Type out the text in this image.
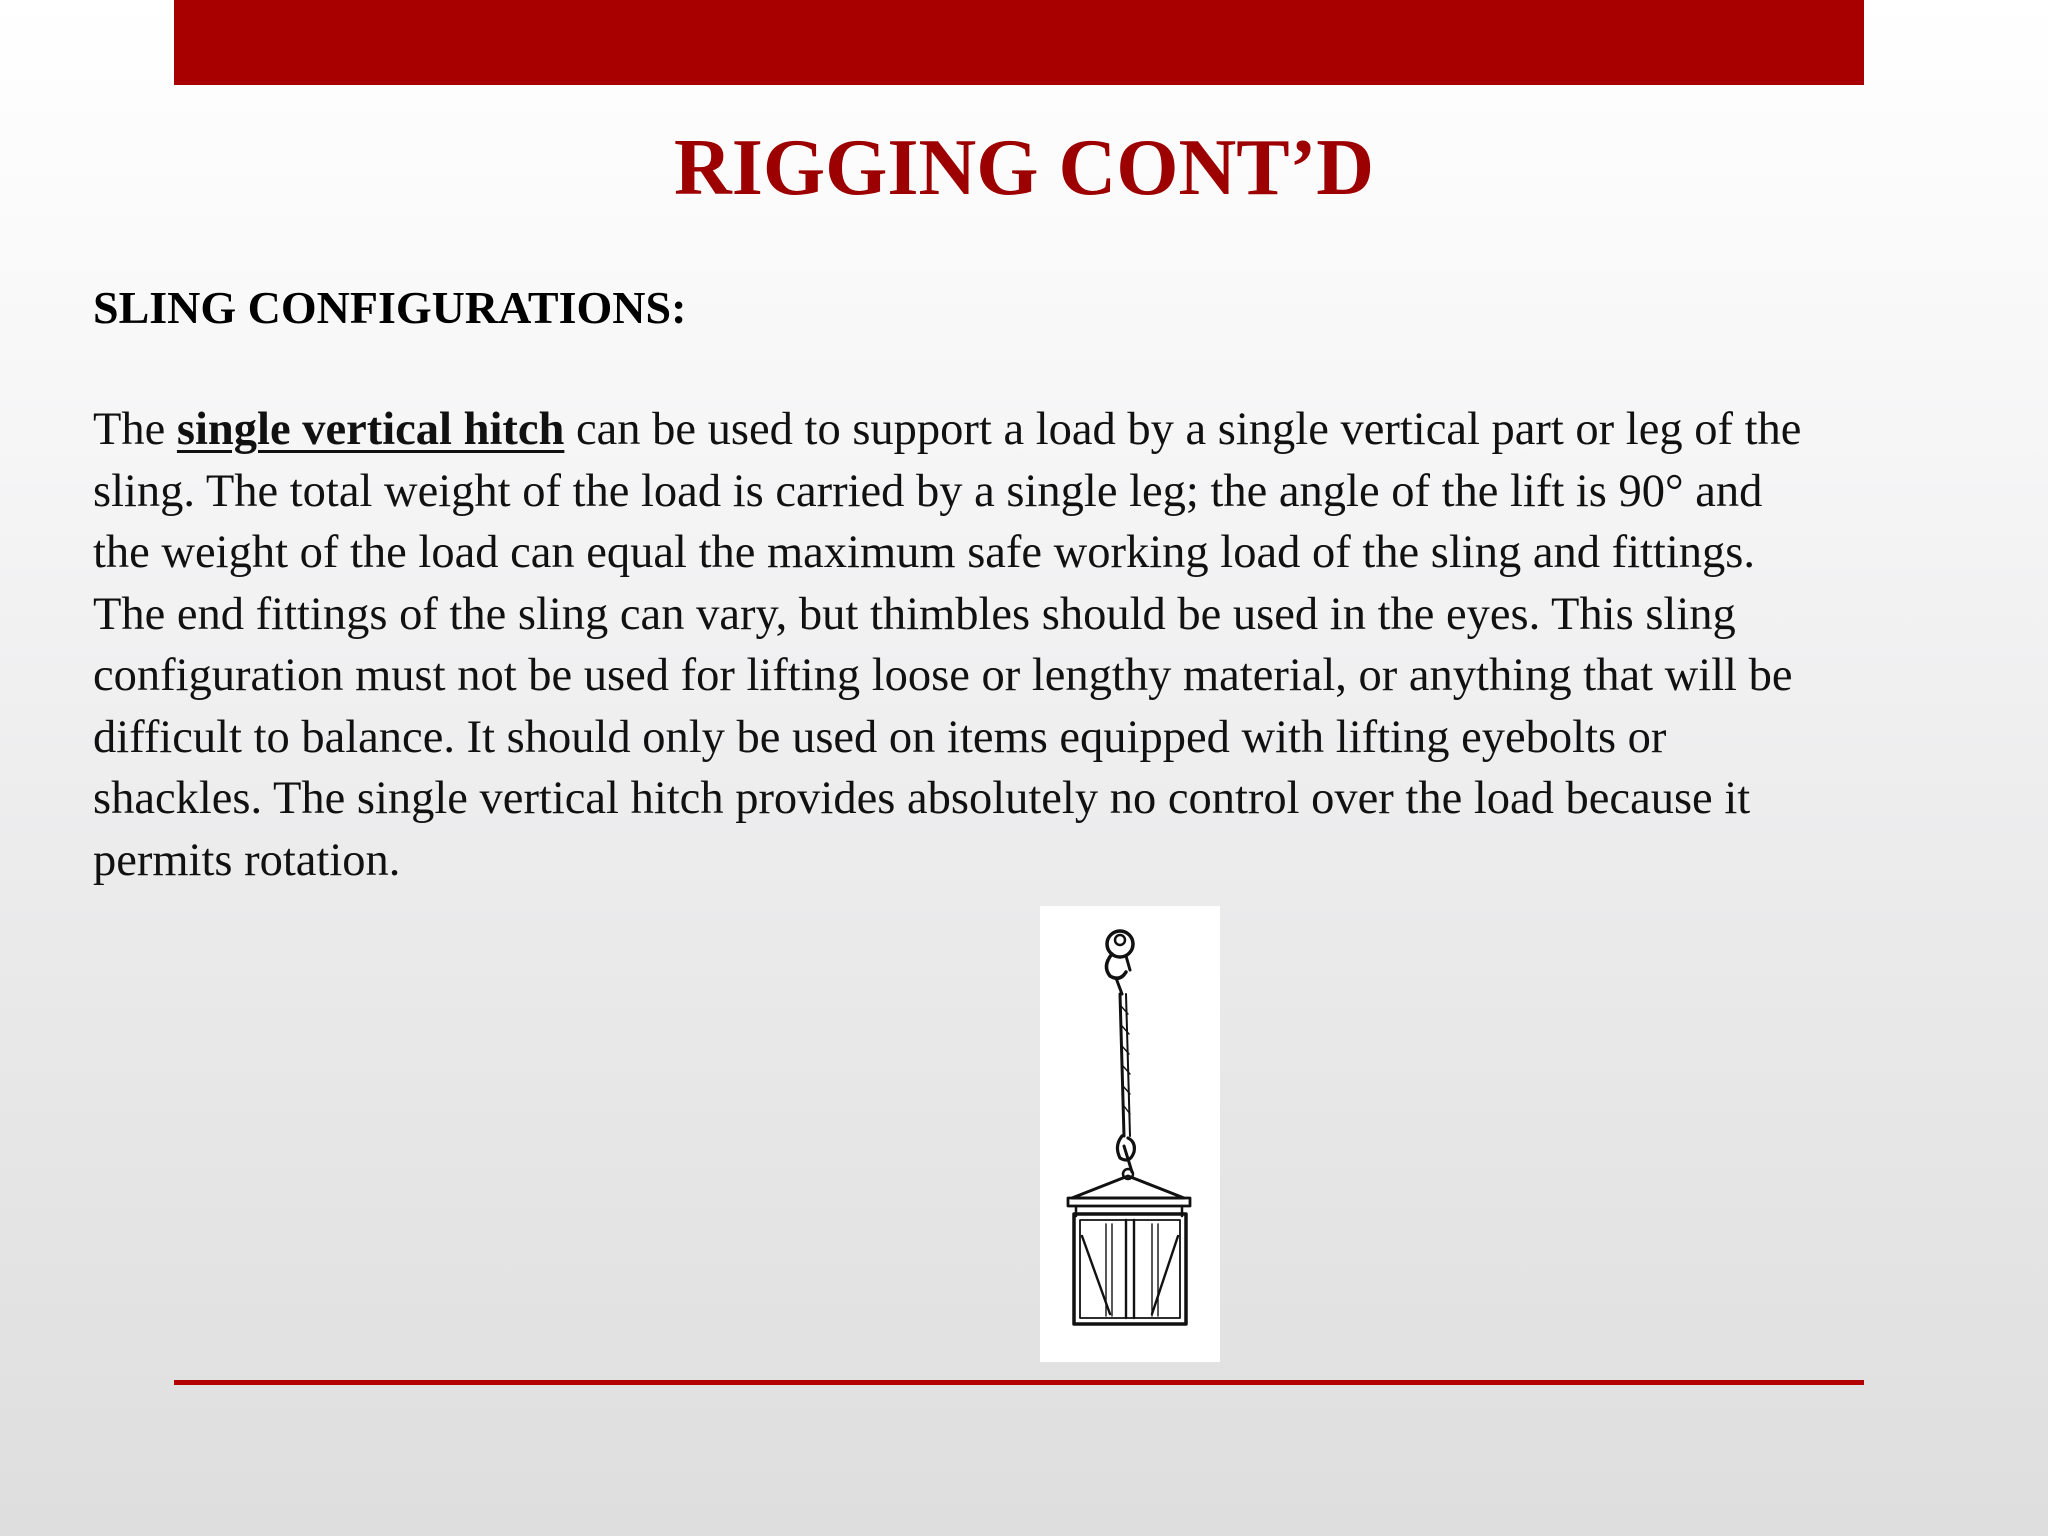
RIGGING CONT’D
SLING CONFIGURATIONS:

The single vertical hitch can be used to support a load by a single vertical part or leg of the
sling. The total weight of the load is carried by a single leg; the angle of the lift is 90° and
the weight of the load can equal the maximum safe working load of the sling and fittings.
The end fittings of the sling can vary, but thimbles should be used in the eyes. This sling
configuration must not be used for lifting loose or lengthy material, or anything that will be
difficult to balance. It should only be used on items equipped with lifting eyebolts or
shackles. The single vertical hitch provides absolutely no control over the load because it
permits rotation.
